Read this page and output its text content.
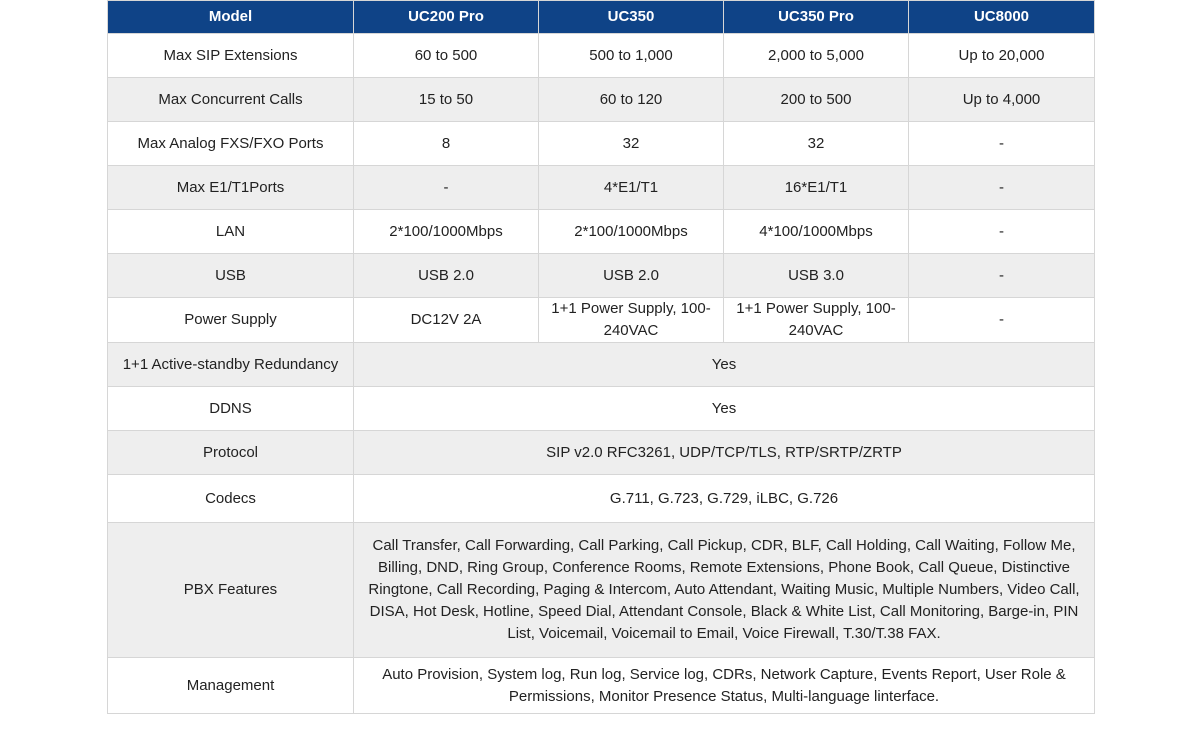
Model	UC200 Pro	UC350	UC350 Pro	UC8000
Max SIP Extensions	60 to 500	500 to 1,000	2,000 to 5,000	Up to 20,000
Max Concurrent Calls	15 to 50	60 to 120	200 to 500	Up to 4,000
Max Analog FXS/FXO Ports	8	32	32	-
Max E1/T1Ports	-	4*E1/T1	16*E1/T1	-
LAN	2*100/1000Mbps	2*100/1000Mbps	4*100/1000Mbps	-
USB	USB 2.0	USB 2.0	USB 3.0	-
Power Supply	DC12V 2A	1+1 Power Supply, 100-240VAC	1+1 Power Supply, 100-240VAC	-
1+1 Active-standby Redundancy	Yes			
DDNS	Yes			
Protocol	SIP v2.0 RFC3261, UDP/TCP/TLS, RTP/SRTP/ZRTP			
Codecs	G.711, G.723, G.729, iLBC, G.726			
PBX Features	Call Transfer, Call Forwarding, Call Parking, Call Pickup, CDR, BLF, Call Holding, Call Waiting, Follow Me, Billing, DND, Ring Group, Conference Rooms, Remote Extensions, Phone Book, Call Queue, Distinctive Ringtone, Call Recording, Paging & Intercom, Auto Attendant, Waiting Music, Multiple Numbers, Video Call, DISA, Hot Desk, Hotline, Speed Dial, Attendant Console, Black & White List, Call Monitoring, Barge-in, PIN List, Voicemail, Voicemail to Email, Voice Firewall, T.30/T.38 FAX.			
Management	Auto Provision, System log, Run log, Service log, CDRs, Network Capture, Events Report, User Role & Permissions, Monitor Presence Status, Multi-language linterface.			
